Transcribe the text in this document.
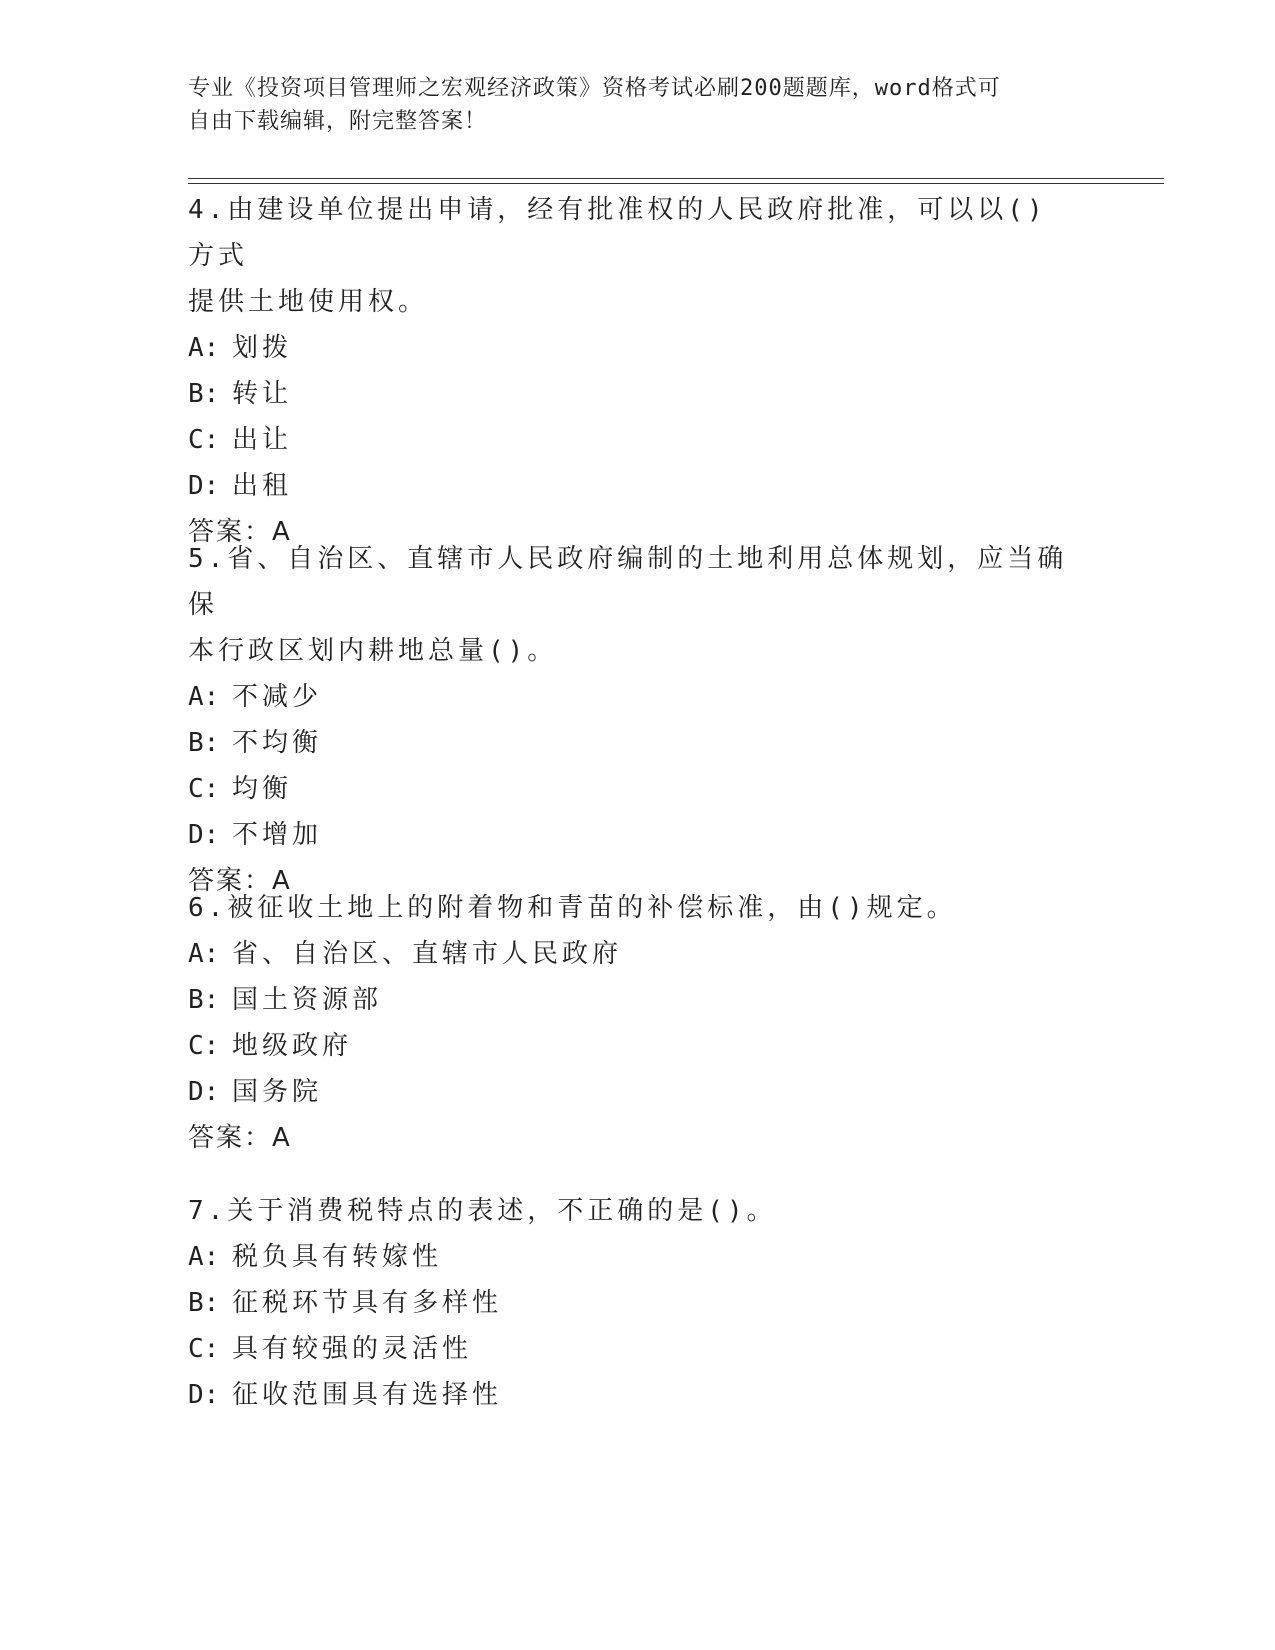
专业《投资项目管理师之宏观经济政策》资格考试必刷200题题库，word格式可
自由下载编辑，附完整答案！
4.由建设单位提出申请，经有批准权的人民政府批准，可以以()方式
提供土地使用权。
A: 划拨
B: 转让
C: 出让
D: 出租
答案：A
5.省、自治区、直辖市人民政府编制的土地利用总体规划，应当确保
本行政区划内耕地总量()。
A: 不减少
B: 不均衡
C: 均衡
D: 不增加
答案：A
6.被征收土地上的附着物和青苗的补偿标准，由()规定。
A: 省、自治区、直辖市人民政府
B: 国土资源部
C: 地级政府
D: 国务院
答案：A
7.关于消费税特点的表述，不正确的是()。
A: 税负具有转嫁性
B: 征税环节具有多样性
C: 具有较强的灵活性
D: 征收范围具有选择性
